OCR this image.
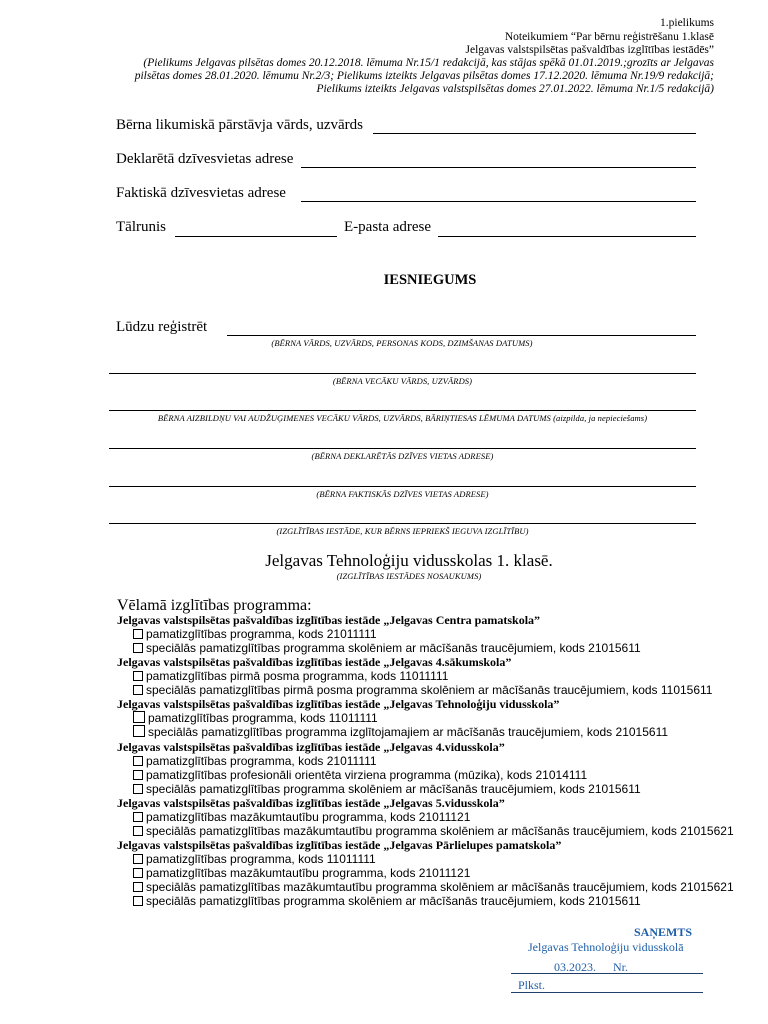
1.pielikums
Noteikumiem “Par bērnu reģistrēšanu 1.klasē
Jelgavas valstspilsētas pašvaldības izglītības iestādēs”
(Pielikums Jelgavas pilsētas domes 20.12.2018. lēmuma Nr.15/1 redakcijā, kas stājas spēkā 01.01.2019.;grozīts ar Jelgavas
pilsētas domes 28.01.2020. lēmumu Nr.2/3; Pielikums izteikts Jelgavas pilsētas domes 17.12.2020. lēmuma Nr.19/9 redakcijā;
Pielikums izteikts Jelgavas valstspilsētas domes 27.01.2022. lēmuma Nr.1/5 redakcijā)
Bērna likumiskā pārstāvja vārds, uzvārds
Deklarētā dzīvesvietas adrese
Faktiskā dzīvesvietas adrese
Tālrunis	E-pasta adrese
IESNIEGUMS
Lūdzu reģistrēt
(BĒRNA VĀRDS, UZVĀRDS, PERSONAS KODS, DZIMŠANAS DATUMS)
(BĒRNA VECĀKU VĀRDS, UZVĀRDS)
BĒRNA AIZBILDŅU VAI AUDŽUĢIMENES VECĀKU VĀRDS, UZVĀRDS, BĀRIŅTIESAS LĒMUMA DATUMS (aizpilda, ja nepieciešams)
(BĒRNA DEKLARĒTĀS DZĪVES VIETAS ADRESE)
(BĒRNA FAKTISKĀS DZĪVES VIETAS ADRESE)
(IZGLĪTĪBAS IESTĀDE, KUR BĒRNS IEPRIEKŠ IEGUVA IZGLĪTĪBU)
Jelgavas Tehnoloģiju vidusskolas 1. klasē.
(IZGLĪTĪBAS IESTĀDES NOSAUKUMS)
Vēlamā izglītības programma:
Jelgavas valstspilsētas pašvaldības izglītības iestāde „Jelgavas Centra pamatskola”
pamatizglītības programma, kods 21011111
speciālās pamatizglītības programma skolēniem ar mācīšanās traucējumiem, kods 21015611
Jelgavas valstspilsētas pašvaldības izglītības iestāde „Jelgavas 4.sākumskola”
pamatizglītības pirmā posma programma, kods 11011111
speciālās pamatizglītības pirmā posma programma skolēniem ar mācīšanās traucējumiem, kods 11015611
Jelgavas valstspilsētas pašvaldības izglītības iestāde „Jelgavas Tehnoloģiju vidusskola”
pamatizglītības programma, kods 11011111
speciālās pamatizglītības programma izglītojamajiem ar mācīšanās traucējumiem, kods 21015611
Jelgavas valstspilsētas pašvaldības izglītības iestāde „Jelgavas 4.vidusskola”
pamatizglītības programma, kods 21011111
pamatizglītības profesionāli orientēta virziena programma (mūzika), kods 21014111
speciālās pamatizglītības programma skolēniem ar mācīšanās traucējumiem, kods 21015611
Jelgavas valstspilsētas pašvaldības izglītības iestāde „Jelgavas 5.vidusskola”
pamatizglītības mazākumtautību programma, kods 21011121
speciālās pamatizglītības mazākumtautību programma skolēniem ar mācīšanās traucējumiem, kods 21015621
Jelgavas valstspilsētas pašvaldības izglītības iestāde „Jelgavas Pārlielupes pamatskola”
pamatizglītības programma, kods 11011111
pamatizglītības mazākumtautību programma, kods 21011121
speciālās pamatizglītības mazākumtautību programma skolēniem ar mācīšanās traucējumiem, kods 21015621
speciālās pamatizglītības programma skolēniem ar mācīšanās traucējumiem, kods 21015611
SAŅEMTS
Jelgavas Tehnoloģiju vidusskolā
03.2023. Nr.
Plkst.
